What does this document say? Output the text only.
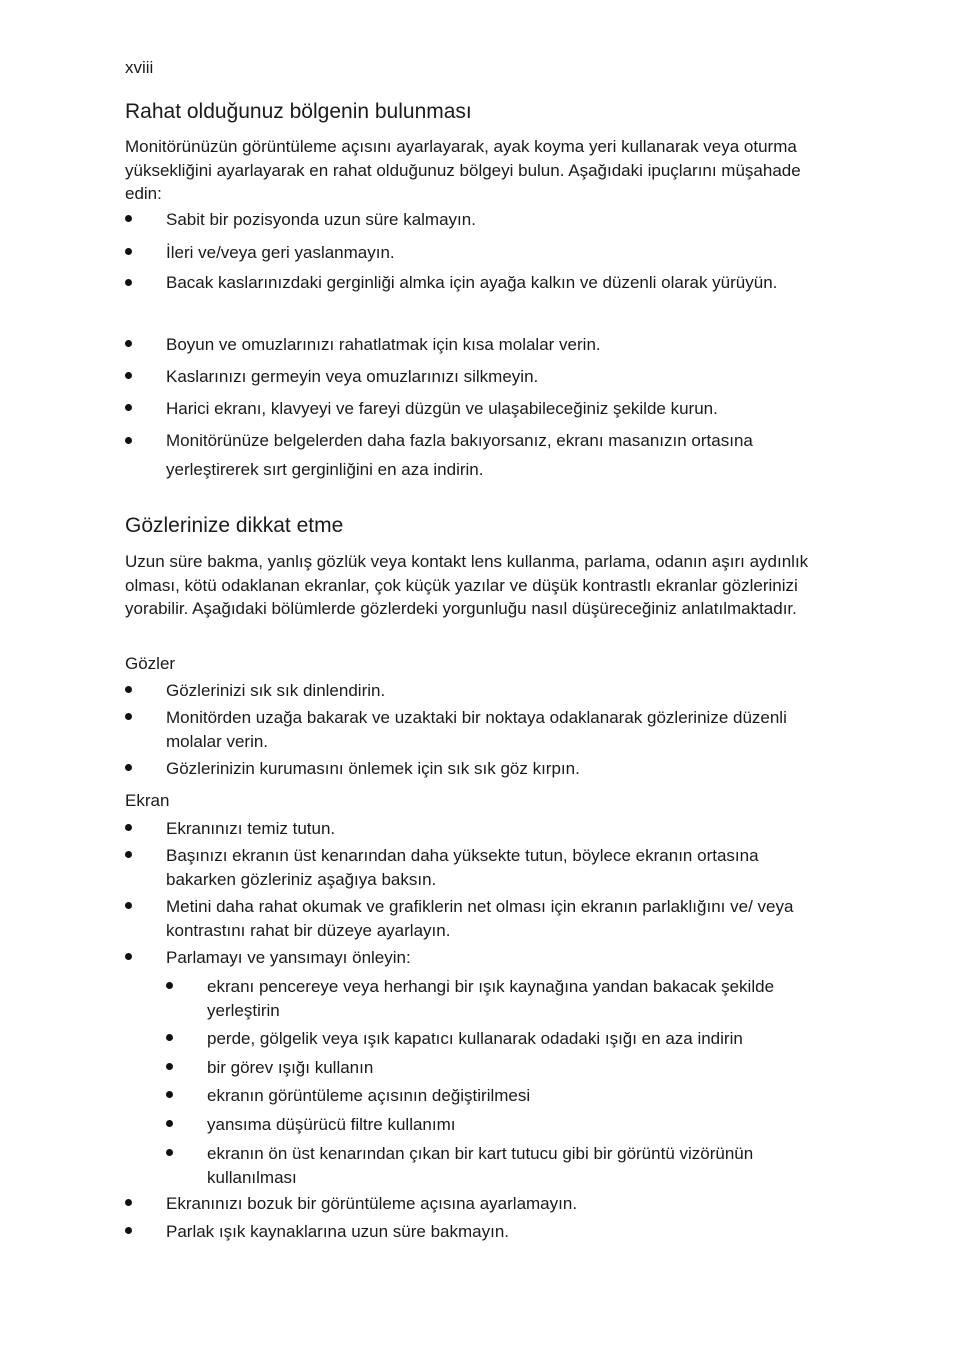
xviii
Rahat olduğunuz bölgenin bulunması

Monitörünüzün görüntüleme açısını ayarlayarak, ayak koyma yeri kullanarak veya oturma yüksekliğini ayarlayarak en rahat olduğunuz bölgeyi bulun. Aşağıdaki ipuçlarını müşahade edin:

Sabit bir pozisyonda uzun süre kalmayın.
İleri ve/veya geri yaslanmayın.
Bacak kaslarınızdaki gerginliği almka için ayağa kalkın ve düzenli olarak yürüyün.
Boyun ve omuzlarınızı rahatlatmak için kısa molalar verin.
Kaslarınızı germeyin veya omuzlarınızı silkmeyin.
Harici ekranı, klavyeyi ve fareyi düzgün ve ulaşabileceğiniz şekilde kurun.
Monitörünüze belgelerden daha fazla bakıyorsanız, ekranı masanızın ortasına yerleştirerek sırt gerginliğini en aza indirin.
Gözlerinize dikkat etme

Uzun süre bakma, yanlış gözlük veya kontakt lens kullanma, parlama, odanın aşırı aydınlık olması, kötü odaklanan ekranlar, çok küçük yazılar ve düşük kontrastlı ekranlar gözlerinizi yorabilir. Aşağıdaki bölümlerde gözlerdeki yorgunluğu nasıl düşüreceğiniz anlatılmaktadır.

Gözler
Gözlerinizi sık sık dinlendirin.
Monitörden uzağa bakarak ve uzaktaki bir noktaya odaklanarak gözlerinize düzenli molalar verin.
Gözlerinizin kurumasını önlemek için sık sık göz kırpın.
Ekran
Ekranınızı temiz tutun.
Başınızı ekranın üst kenarından daha yüksekte tutun, böylece ekranın ortasına bakarken gözleriniz aşağıya baksın.
Metini daha rahat okumak ve grafiklerin net olması için ekranın parlaklığını ve/ veya kontrastını rahat bir düzeye ayarlayın.
Parlamayı ve yansımayı önleyin:
ekranı pencereye veya herhangi bir ışık kaynağına yandan bakacak şekilde yerleştirin
perde, gölgelik veya ışık kapatıcı kullanarak odadaki ışığı en aza indirin
bir görev ışığı kullanın
ekranın görüntüleme açısının değiştirilmesi
yansıma düşürücü filtre kullanımı
ekranın ön üst kenarından çıkan bir kart tutucu gibi bir görüntü vizörünün kullanılması
Ekranınızı bozuk bir görüntüleme açısına ayarlamayın.
Parlak ışık kaynaklarına uzun süre bakmayın.
